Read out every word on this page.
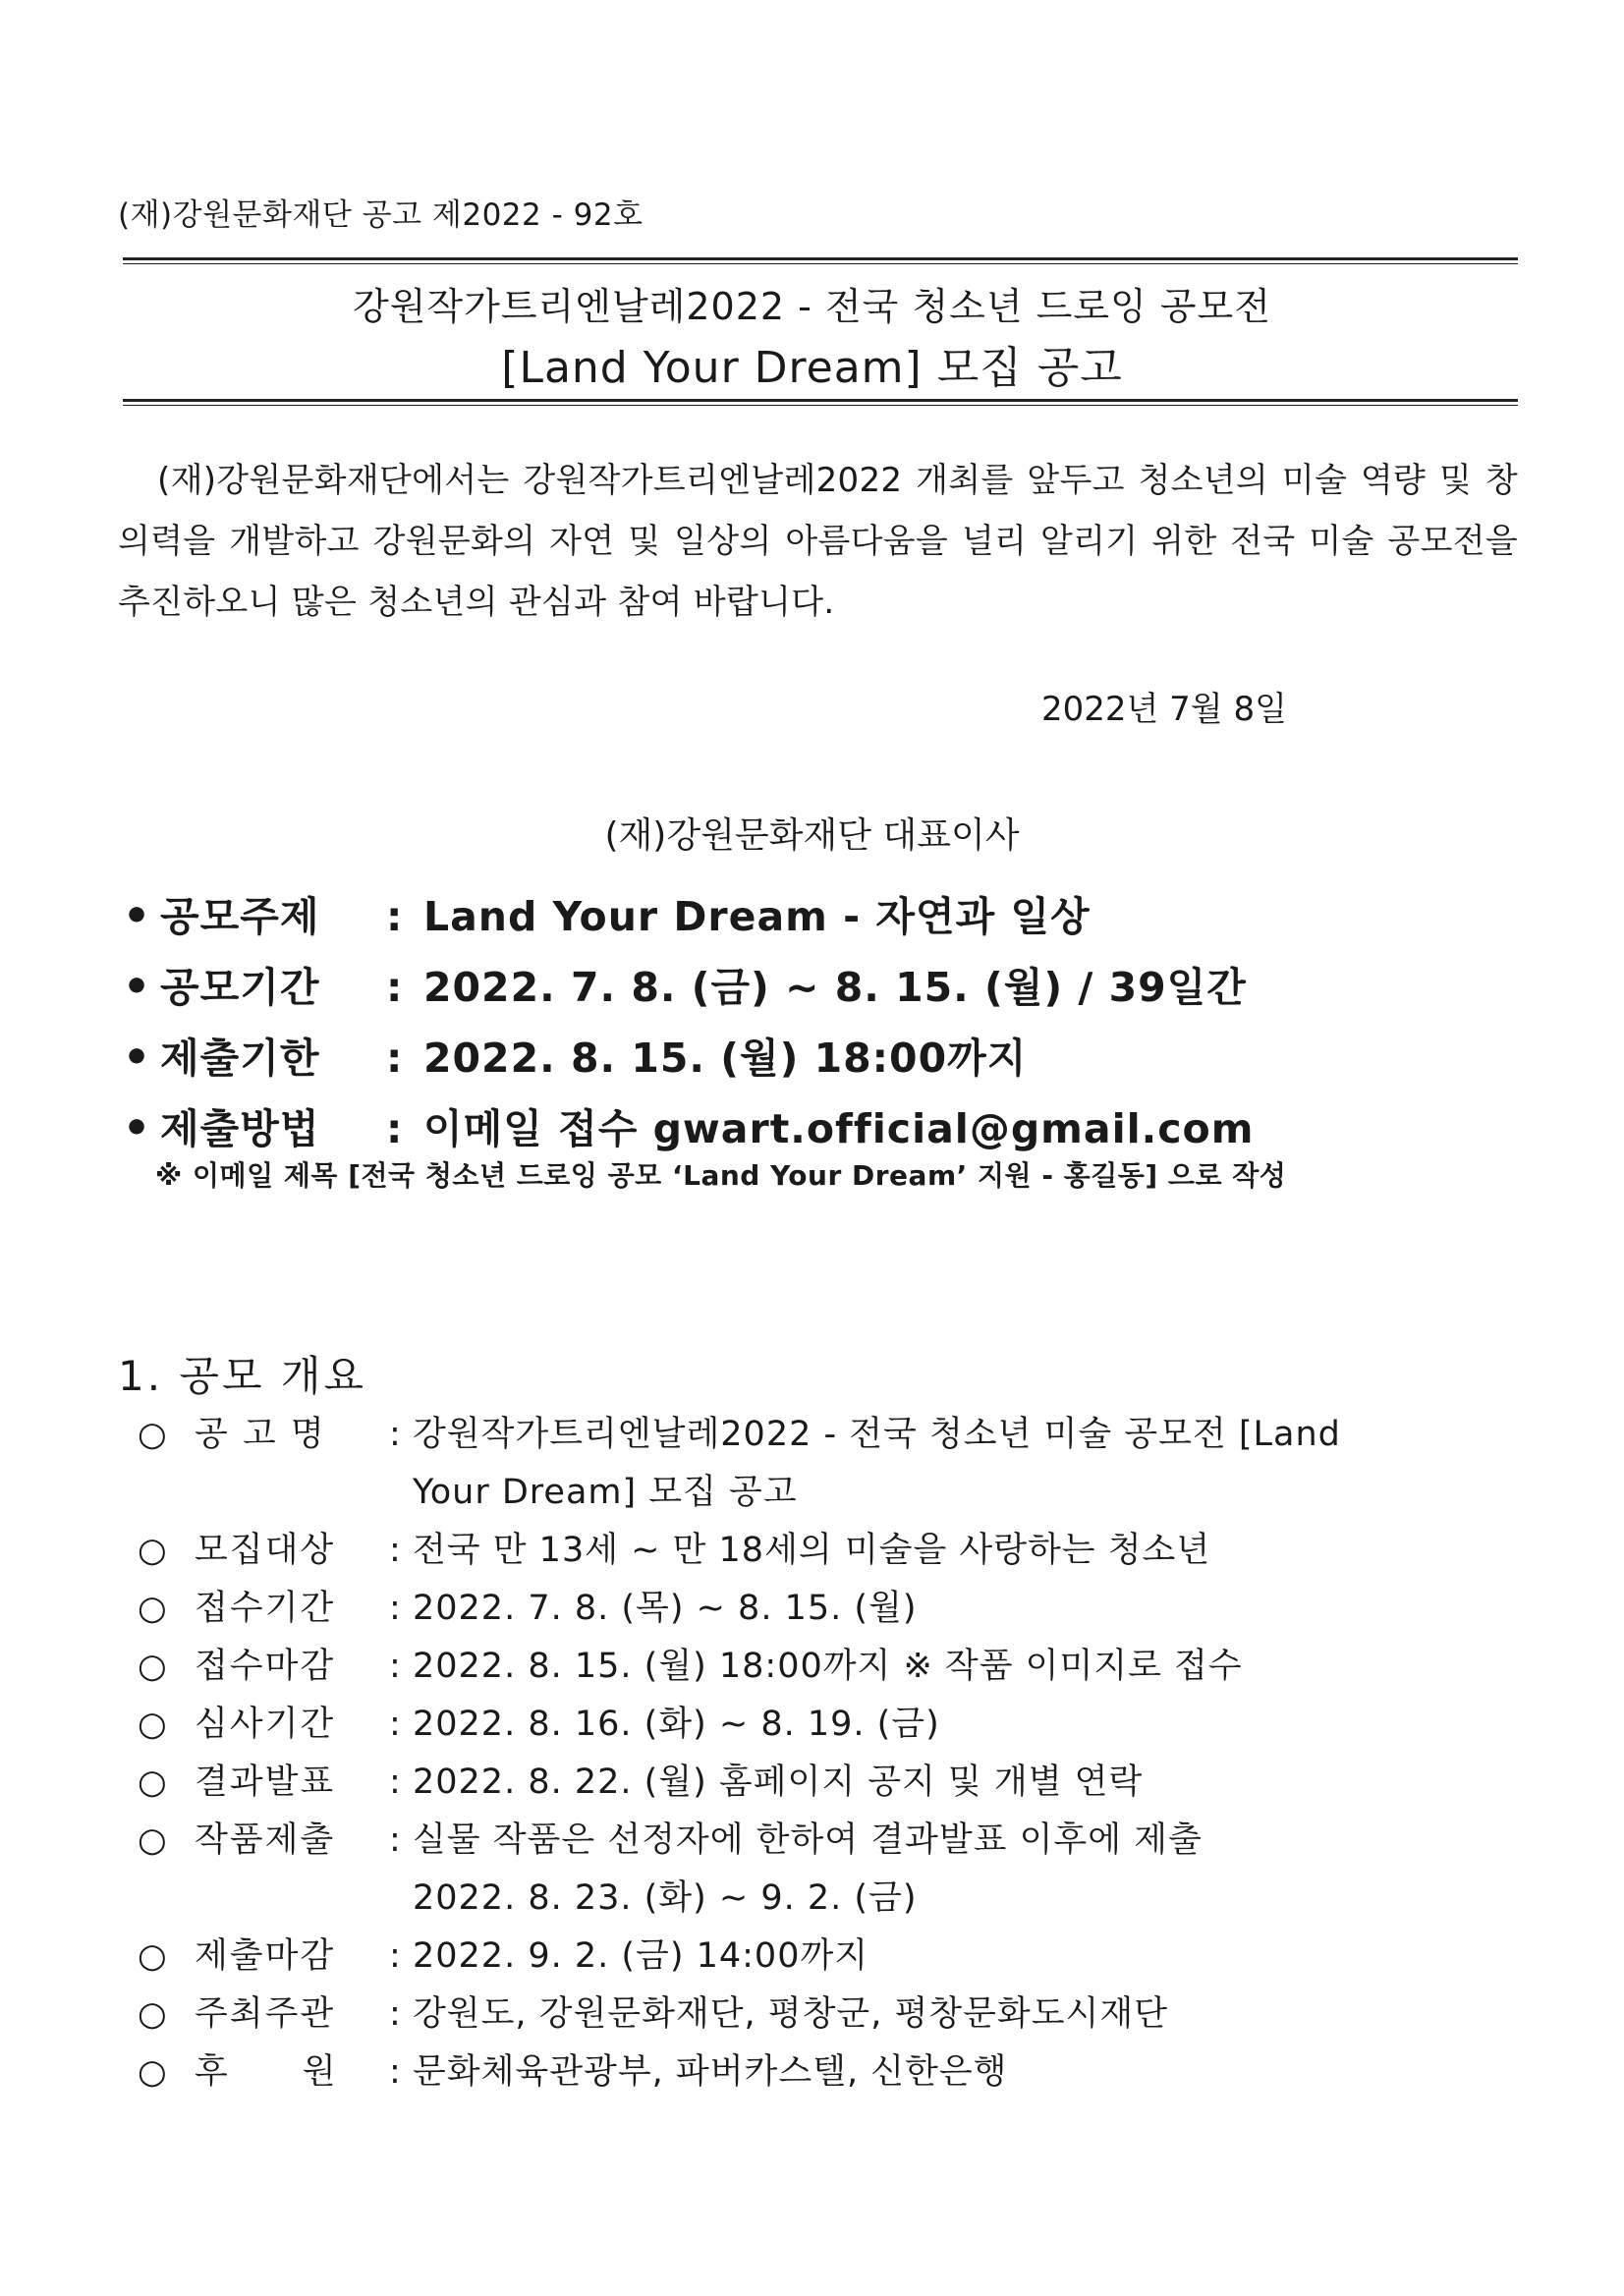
(재)강원문화재단 공고 제2022 - 92호
강원작가트리엔날레2022 - 전국 청소년 드로잉 공모전
[Land Your Dream] 모집 공고
(재)강원문화재단에서는 강원작가트리엔날레2022 개최를 앞두고 청소년의 미술 역량 및 창의력을 개발하고 강원문화의 자연 및 일상의 아름다움을 널리 알리기 위한 전국 미술 공모전을 추진하오니 많은 청소년의 관심과 참여 바랍니다.
2022년 7월 8일
(재)강원문화재단 대표이사
• 공모주제	: Land Your Dream - 자연과 일상
• 공모기간	: 2022. 7. 8. (금) ~ 8. 15. (월) / 39일간
• 제출기한	: 2022. 8. 15. (월) 18:00까지
• 제출방법	: 이메일 접수 gwart.official@gmail.com
※ 이메일 제목 [전국 청소년 드로잉 공모 ‘Land Your Dream’ 지원 - 홍길동] 으로 작성
1. 공모 개요
○ 공 고 명	: 강원작가트리엔날레2022 - 전국 청소년 미술 공모전 [Land
Your Dream] 모집 공고
○ 모집대상	: 전국 만 13세 ~ 만 18세의 미술을 사랑하는 청소년
○ 접수기간	: 2022. 7. 8. (목) ~ 8. 15. (월)
○ 접수마감	: 2022. 8. 15. (월) 18:00까지 ※ 작품 이미지로 접수
○ 심사기간	: 2022. 8. 16. (화) ~ 8. 19. (금)
○ 결과발표	: 2022. 8. 22. (월) 홈페이지 공지 및 개별 연락
○ 작품제출	: 실물 작품은 선정자에 한하여 결과발표 이후에 제출
2022. 8. 23. (화) ~ 9. 2. (금)
○ 제출마감	: 2022. 9. 2. (금) 14:00까지
○ 주최주관	: 강원도, 강원문화재단, 평창군, 평창문화도시재단
○ 후　　원	: 문화체육관광부, 파버카스텔, 신한은행
